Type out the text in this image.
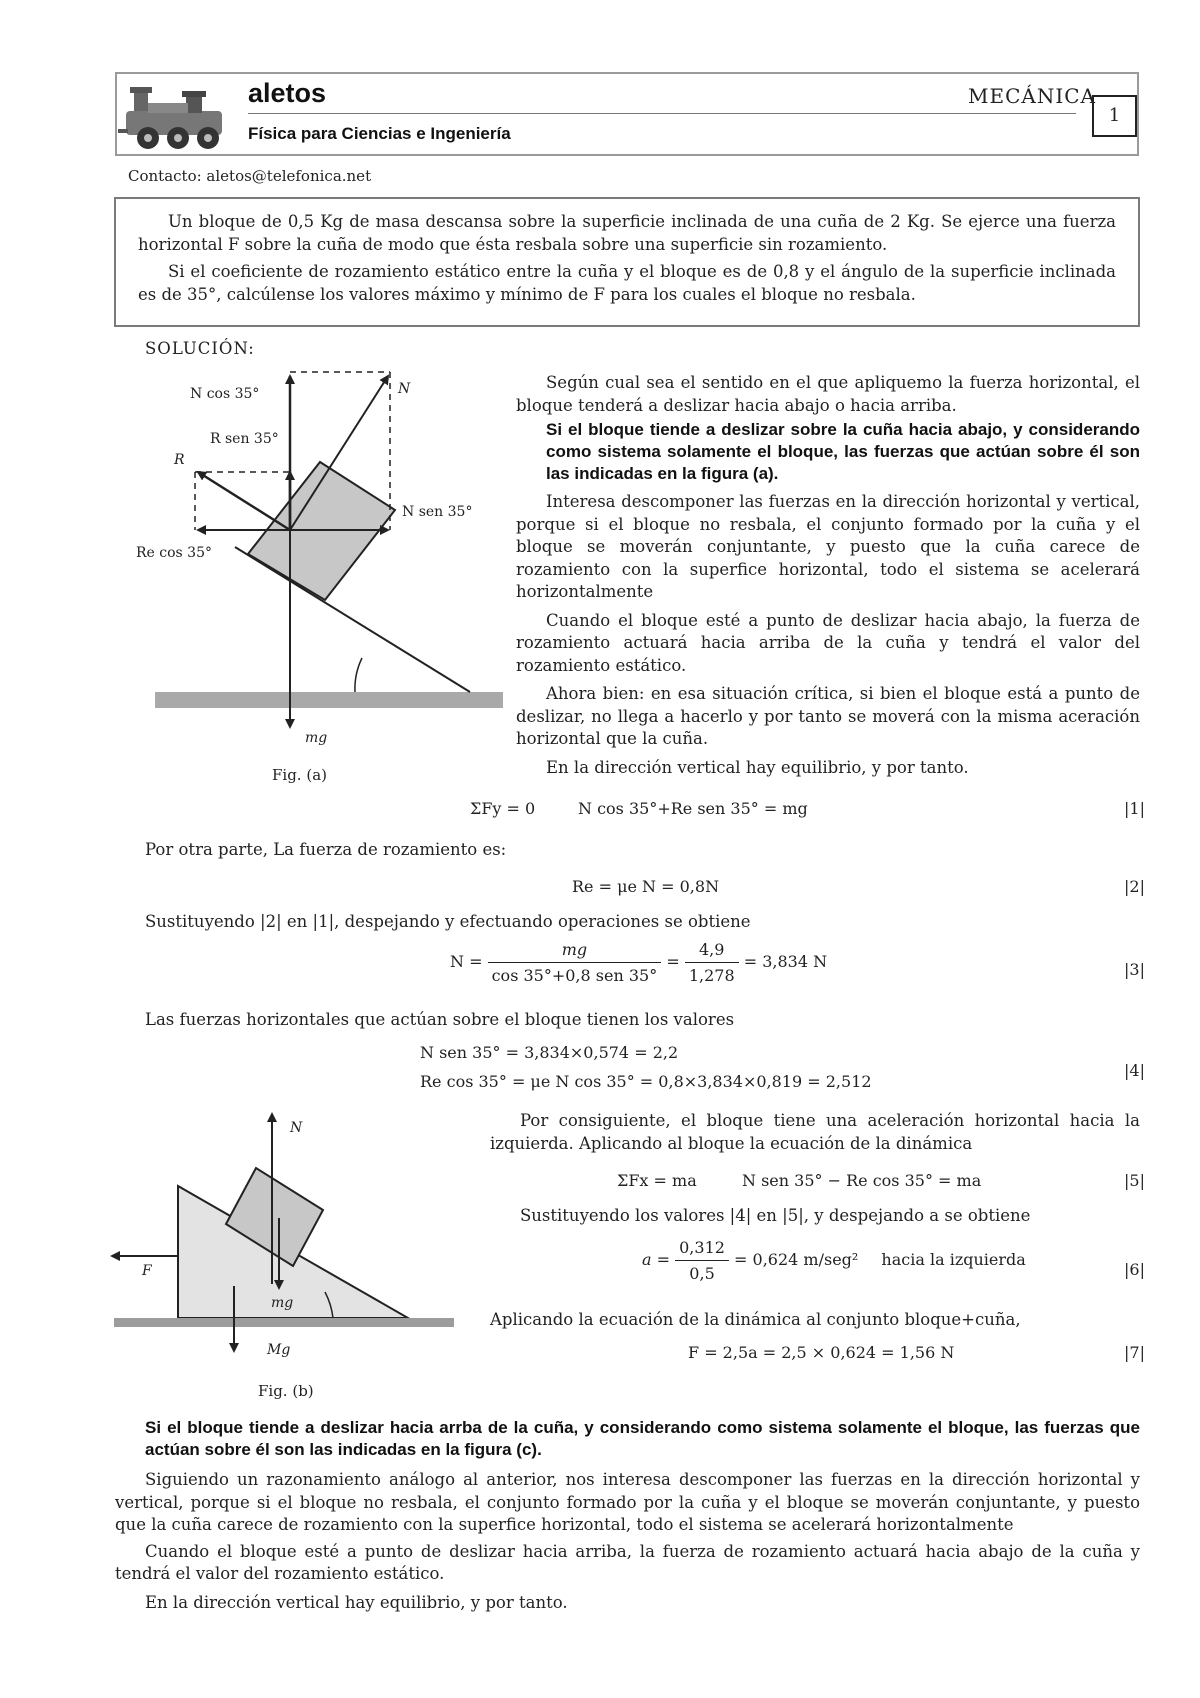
aletos
Física para Ciencias e Ingeniería
MECÁNICA
1
Contacto: aletos@telefonica.net

Un bloque de 0,5 Kg de masa descansa sobre la superficie inclinada de una cuña de 2 Kg. Se ejerce una fuerza horizontal F sobre la cuña de modo que ésta resbala sobre una superficie sin rozamiento.

Si el coeficiente de rozamiento estático entre la cuña y el bloque es de 0,8 y el ángulo de la superficie inclinada es de 35°, calcúlense los valores máximo y mínimo de F para los cuales el bloque no resbala.

SOLUCIÓN:
N cos 35°	N
R sen 35°
R
N sen 35°
Re cos 35°
mg
Fig. (a)

Según cual sea el sentido en el que apliquemo la fuerza horizontal, el bloque tenderá a deslizar hacia abajo o hacia arriba.

Si el bloque tiende a deslizar sobre la cuña hacia abajo, y considerando como sistema solamente el bloque, las fuerzas que actúan sobre él son las indicadas en la figura (a).

Interesa descomponer las fuerzas en la dirección horizontal y vertical, porque si el bloque no resbala, el conjunto formado por la cuña y el bloque se moverán conjuntante, y puesto que la cuña carece de rozamiento con la superfice horizontal, todo el sistema se acelerará horizontalmente

Cuando el bloque esté a punto de deslizar hacia abajo, la fuerza de rozamiento actuará hacia arriba de la cuña y tendrá el valor del rozamiento estático.

Ahora bien: en esa situación crítica, si bien el bloque está a punto de deslizar, no llega a hacerlo y por tanto se moverá con la misma aceración horizontal que la cuña.

En la dirección vertical hay equilibrio, y por tanto.

ΣFy = 0	N cos 35°+Re sen 35° = mg	|1|
Por otra parte, La fuerza de rozamiento es:
Re = μe N = 0,8N	|2|
Sustituyendo |2| en |1|, despejando y efectuando operaciones se obtiene
$N = \frac{mg}{\text{cos 35°+0,8 sen 35°}} = \frac{4,9}{1,278} = 3,834$ N	|3|
Las fuerzas horizontales que actúan sobre el bloque tienen los valores
N sen 35° = 3,834×0,574 = 2,2
Re cos 35° = μe N cos 35° = 0,8×3,834×0,819 = 2,512
|4|
N
F
mg
Mg
Fig. (b)

Por consiguiente, el bloque tiene una aceleración horizontal hacia la izquierda. Aplicando al bloque la ecuación de la dinámica

ΣFx = ma	N sen 35° − Re cos 35° = ma	|5|
Sustituyendo los valores |4| en |5|, y despejando a se obtiene
$a = \frac{0,312}{0,5} = 0,624$ m/seg² hacia la izquierda
|6|
Aplicando la ecuación de la dinámica al conjunto bloque+cuña,
F = 2,5a = 2,5 × 0,624 = 1,56 N	|7|

Si el bloque tiende a deslizar hacia arrba de la cuña, y considerando como sistema solamente el bloque, las fuerzas que actúan sobre él son las indicadas en la figura (c).

Siguiendo un razonamiento análogo al anterior, nos interesa descomponer las fuerzas en la dirección horizontal y vertical, porque si el bloque no resbala, el conjunto formado por la cuña y el bloque se moverán conjuntante, y puesto que la cuña carece de rozamiento con la superfice horizontal, todo el sistema se acelerará horizontalmente

Cuando el bloque esté a punto de deslizar hacia arriba, la fuerza de rozamiento actuará hacia abajo de la cuña y tendrá el valor del rozamiento estático.

En la dirección vertical hay equilibrio, y por tanto.
